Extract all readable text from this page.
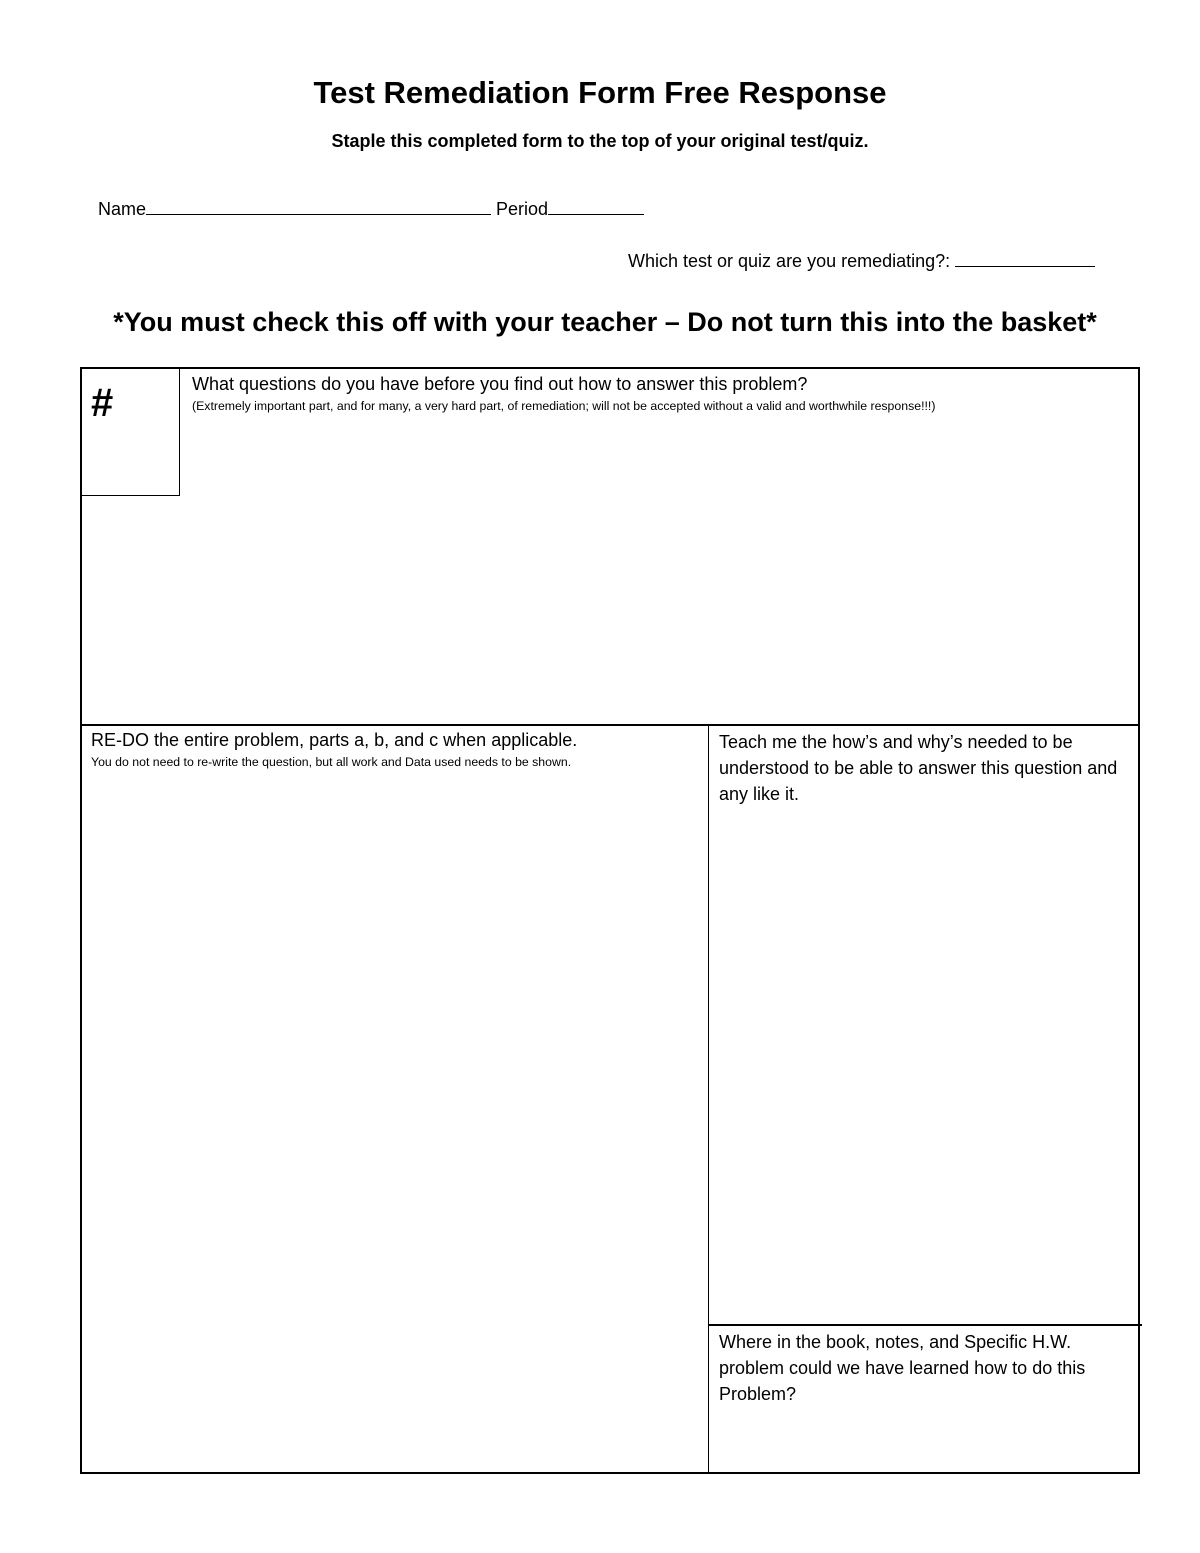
Test Remediation Form Free Response
Staple this completed form to the top of your original test/quiz.
Name	Period
Which test or quiz are you remediating?:
*You must check this off with your teacher – Do not turn this into the basket*
#	What questions do you have before you find out how to answer this problem?
(Extremely important part, and for many, a very hard part, of remediation; will not be accepted without a valid and worthwhile response!!!)
RE-DO the entire problem, parts a, b, and c when applicable.
You do not need to re-write the question, but all work and Data used needs to be shown.
Teach me the how’s and why’s needed to be understood to be able to answer this question and any like it.
Where in the book, notes, and Specific H.W. problem could we have learned how to do this Problem?
